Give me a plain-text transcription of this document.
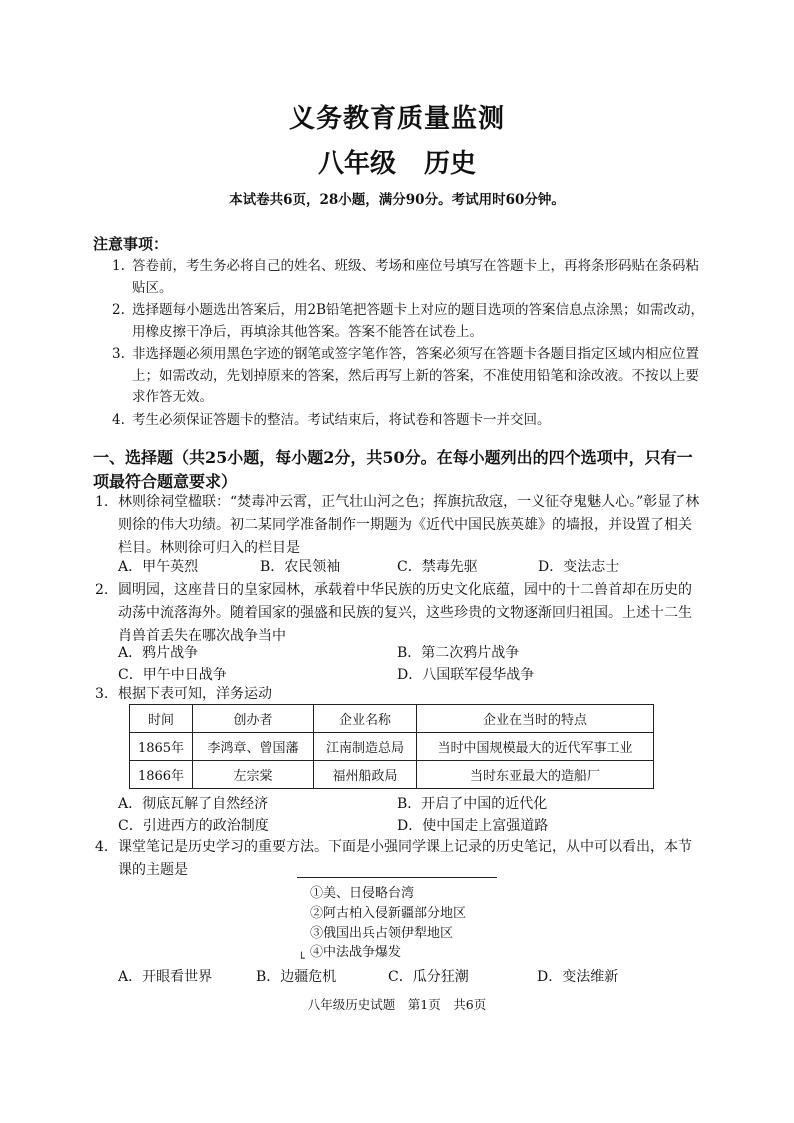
义务教育质量监测
八年级 历史
本试卷共6页，28小题，满分90分。考试用时60分钟。
注意事项：
1. 答卷前，考生务必将自己的姓名、班级、考场和座位号填写在答题卡上，再将条形码贴在条码粘贴区。
2. 选择题每小题选出答案后，用2B铅笔把答题卡上对应的题目选项的答案信息点涂黑；如需改动，用橡皮擦干净后，再填涂其他答案。答案不能答在试卷上。
3. 非选择题必须用黑色字迹的钢笔或签字笔作答，答案必须写在答题卡各题目指定区域内相应位置上；如需改动，先划掉原来的答案，然后再写上新的答案，不准使用铅笔和涂改液。不按以上要求作答无效。
4. 考生必须保证答题卡的整洁。考试结束后，将试卷和答题卡一并交回。
一、选择题（共25小题，每小题2分，共50分。在每小题列出的四个选项中，只有一项最符合题意要求）
1. 林则徐祠堂楹联：“焚毒冲云霄，正气壮山河之色；挥旗抗敌寇，一义征夺鬼魅人心。”彰显了林则徐的伟大功绩。初二某同学准备制作一期题为《近代中国民族英雄》的墙报，并设置了相关栏目。林则徐可归入的栏目是
A．甲午英烈	B．农民领袖	C．禁毒先驱	D．变法志士
2. 圆明园，这座昔日的皇家园林，承载着中华民族的历史文化底蕴，园中的十二兽首却在历史的动荡中流落海外。随着国家的强盛和民族的复兴，这些珍贵的文物逐渐回归祖国。上述十二生肖兽首丢失在哪次战争当中
A．鸦片战争	B．第二次鸦片战争
C．甲午中日战争	D．八国联军侵华战争
3. 根据下表可知，洋务运动
时间	创办者	企业名称	企业在当时的特点
1865年	李鸿章、曾国藩	江南制造总局	当时中国规模最大的近代军事工业
1866年	左宗棠	福州船政局	当时东亚最大的造船厂
A．彻底瓦解了自然经济	B．开启了中国的近代化
C．引进西方的政治制度	D．使中国走上富强道路
4. 课堂笔记是历史学习的重要方法。下面是小强同学课上记录的历史笔记，从中可以看出，本节课的主题是
①美、日侵略台湾
②阿古柏入侵新疆部分地区
③俄国出兵占领伊犁地区
④中法战争爆发
└
A．开眼看世界	B．边疆危机	C．瓜分狂潮	D．变法维新
八年级历史试题　第1页　共6页
